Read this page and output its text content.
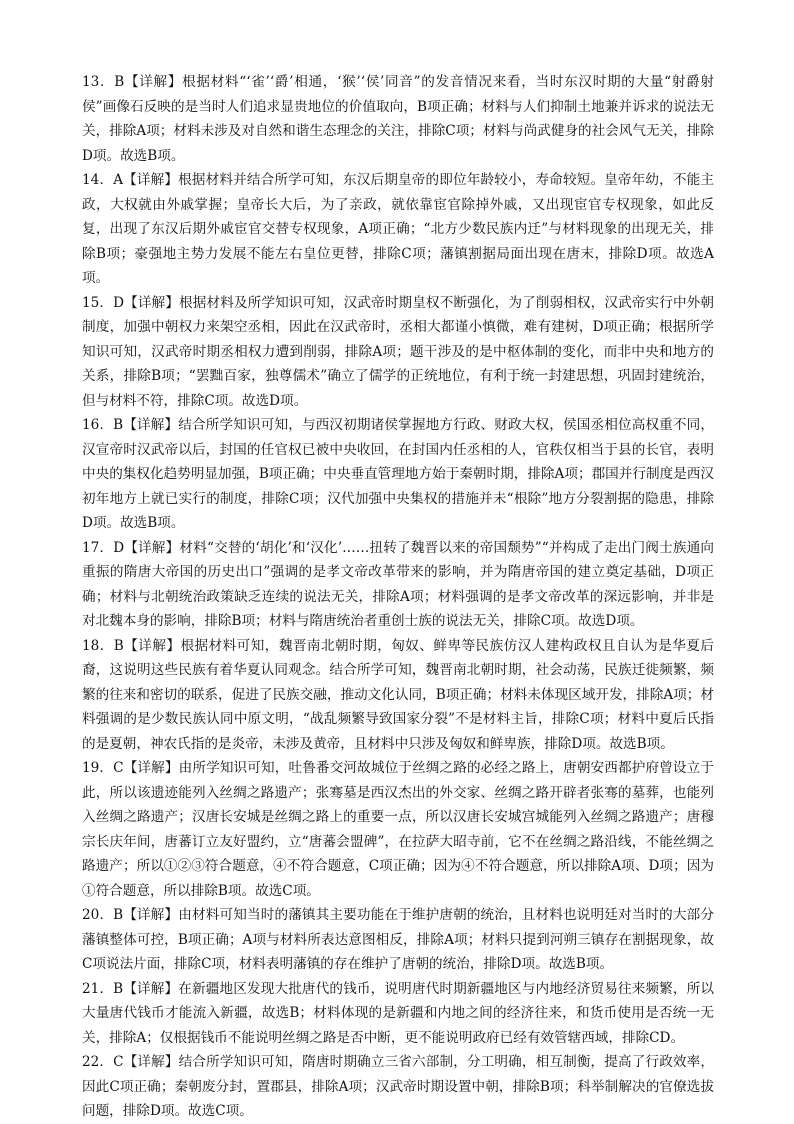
13．B【详解】根据材料“‘雀’‘爵’相通，‘猴’‘侯’同音”的发音情况来看，当时东汉时期的大量“射爵射侯”画像石反映的是当时人们追求显贵地位的价值取向，B项正确；材料与人们抑制土地兼并诉求的说法无关，排除A项；材料未涉及对自然和谐生态理念的关注，排除C项；材料与尚武健身的社会风气无关，排除D项。故选B项。

14．A【详解】根据材料并结合所学可知，东汉后期皇帝的即位年龄较小，寿命较短。皇帝年幼，不能主政，大权就由外戚掌握；皇帝长大后，为了亲政，就依靠宦官除掉外戚，又出现宦官专权现象，如此反复，出现了东汉后期外戚宦官交替专权现象，A项正确；“北方少数民族内迁”与材料现象的出现无关，排除B项；豪强地主势力发展不能左右皇位更替，排除C项；藩镇割据局面出现在唐末，排除D项。故选A项。

15．D【详解】根据材料及所学知识可知，汉武帝时期皇权不断强化，为了削弱相权，汉武帝实行中外朝制度，加强中朝权力来架空丞相，因此在汉武帝时，丞相大都谨小慎微，难有建树，D项正确；根据所学知识可知，汉武帝时期丞相权力遭到削弱，排除A项；题干涉及的是中枢体制的变化，而非中央和地方的关系，排除B项；“罢黜百家，独尊儒术”确立了儒学的正统地位，有利于统一封建思想，巩固封建统治，但与材料不符，排除C项。故选D项。

16．B【详解】结合所学知识可知，与西汉初期诸侯掌握地方行政、财政大权，侯国丞相位高权重不同，汉宣帝时汉武帝以后，封国的任官权已被中央收回，在封国内任丞相的人，官秩仅相当于县的长官，表明中央的集权化趋势明显加强，B项正确；中央垂直管理地方始于秦朝时期，排除A项；郡国并行制度是西汉初年地方上就已实行的制度，排除C项；汉代加强中央集权的措施并未“根除”地方分裂割据的隐患，排除D项。故选B项。

17．D【详解】材料“交替的‘胡化’和‘汉化’……扭转了魏晋以来的帝国颓势”“并构成了走出门阀士族通向重振的隋唐大帝国的历史出口”强调的是孝文帝改革带来的影响，并为隋唐帝国的建立奠定基础，D项正确；材料与北朝统治政策缺乏连续的说法无关，排除A项；材料强调的是孝文帝改革的深远影响，并非是对北魏本身的影响，排除B项；材料与隋唐统治者重创士族的说法无关，排除C项。故选D项。

18．B【详解】根据材料可知，魏晋南北朝时期，匈奴、鲜卑等民族仿汉人建构政权且自认为是华夏后裔，这说明这些民族有着华夏认同观念。结合所学可知，魏晋南北朝时期，社会动荡，民族迁徙频繁，频繁的往来和密切的联系，促进了民族交融，推动文化认同，B项正确；材料未体现区域开发，排除A项；材料强调的是少数民族认同中原文明，“战乱频繁导致国家分裂”不是材料主旨，排除C项；材料中夏后氏指的是夏朝，神农氏指的是炎帝，未涉及黄帝，且材料中只涉及匈奴和鲜卑族，排除D项。故选B项。

19．C【详解】由所学知识可知，吐鲁番交河故城位于丝绸之路的必经之路上，唐朝安西都护府曾设立于此，所以该遗迹能列入丝绸之路遗产；张骞墓是西汉杰出的外交家、丝绸之路开辟者张骞的墓葬，也能列入丝绸之路遗产；汉唐长安城是丝绸之路上的重要一点，所以汉唐长安城宫城能列入丝绸之路遗产；唐穆宗长庆年间，唐蕃订立友好盟约，立“唐蕃会盟碑”，在拉萨大昭寺前，它不在丝绸之路沿线，不能丝绸之路遗产；所以①②③符合题意，④不符合题意，C项正确；因为④不符合题意，所以排除A项、D项；因为①符合题意，所以排除B项。故选C项。

20．B【详解】由材料可知当时的藩镇其主要功能在于维护唐朝的统治，且材料也说明廷对当时的大部分藩镇整体可控，B项正确；A项与材料所表达意图相反，排除A项；材料只提到河朔三镇存在割据现象，故C项说法片面，排除C项，材料表明藩镇的存在维护了唐朝的统治，排除D项。故选B项。

21．B【详解】在新疆地区发现大批唐代的钱币，说明唐代时期新疆地区与内地经济贸易往来频繁，所以大量唐代钱币才能流入新疆，故选B；材料体现的是新疆和内地之间的经济往来，和货币使用是否统一无关，排除A；仅根据钱币不能说明丝绸之路是否中断，更不能说明政府已经有效管辖西域，排除CD。

22．C【详解】结合所学知识可知，隋唐时期确立三省六部制，分工明确，相互制衡，提高了行政效率，因此C项正确；秦朝废分封，置郡县，排除A项；汉武帝时期设置中朝，排除B项；科举制解决的官僚选拔问题，排除D项。故选C项。
